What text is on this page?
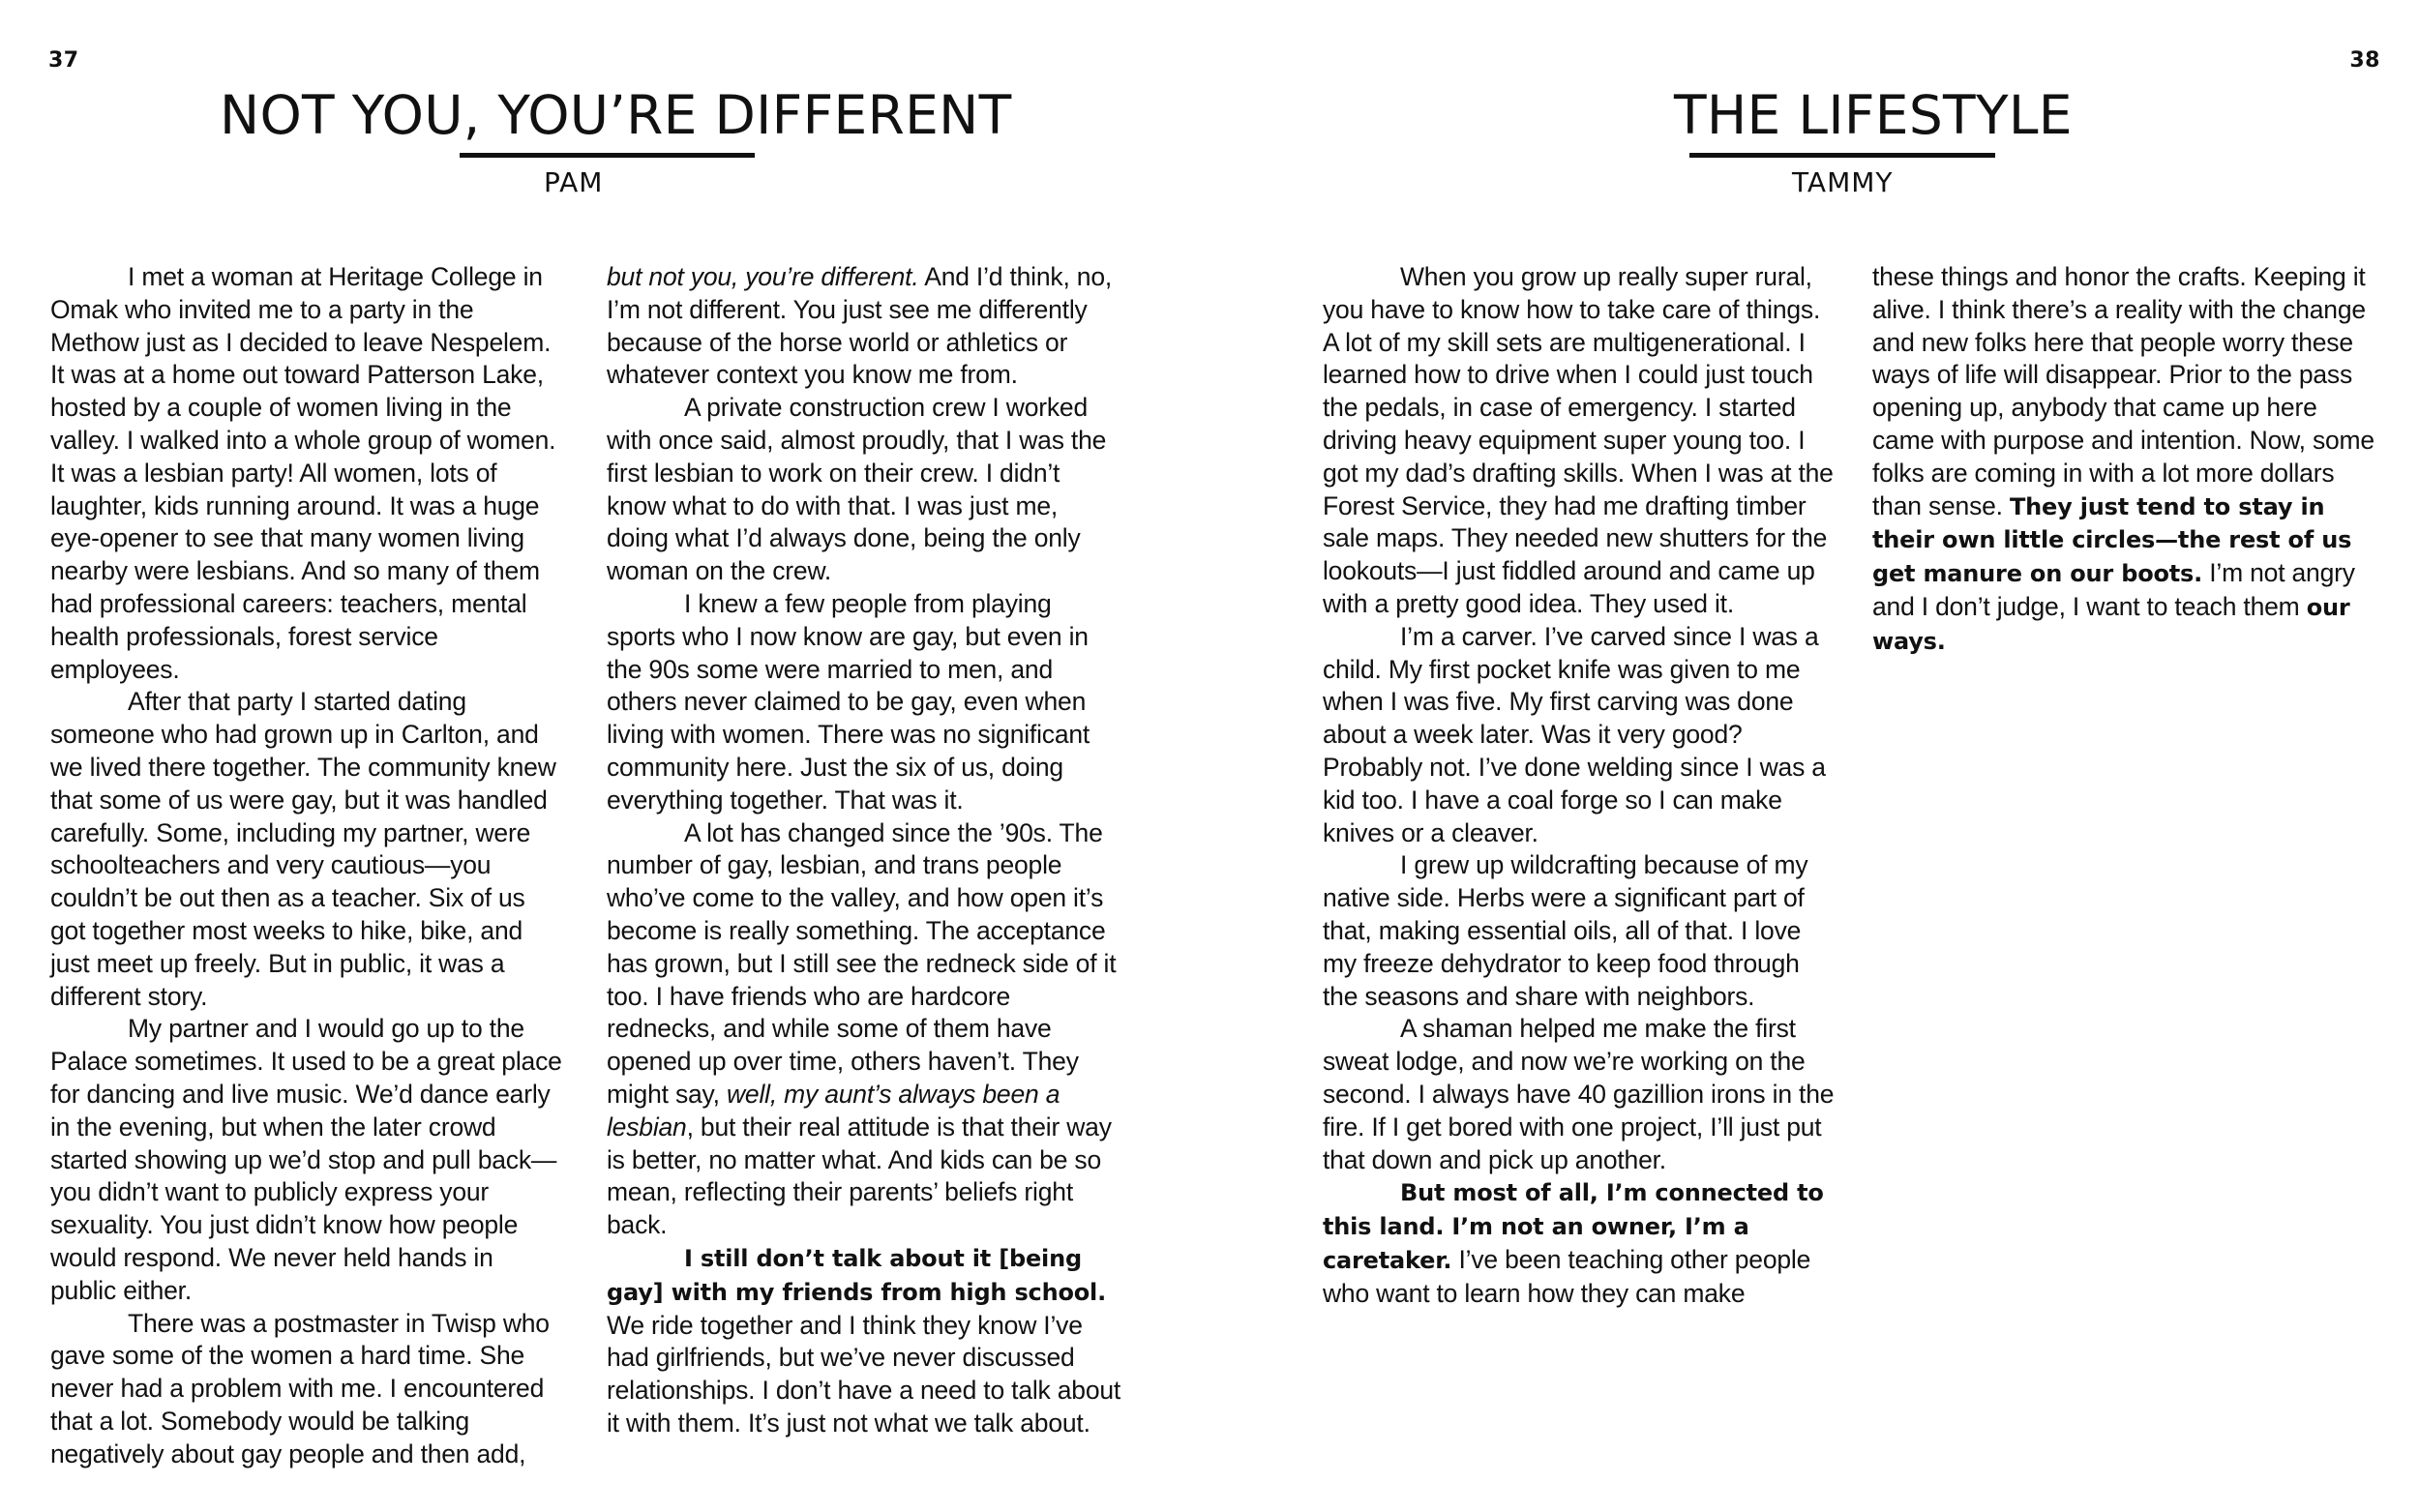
37
NOT YOU, YOU’RE DIFFERENT
PAM

I met a woman at Heritage College in Omak who invited me to a party in the Methow just as I decided to leave Nespelem. It was at a home out toward Patterson Lake, hosted by a couple of women living in the valley. I walked into a whole group of women. It was a lesbian party! All women, lots of laughter, kids running around. It was a huge eye-opener to see that many women living nearby were lesbians. And so many of them had professional careers: teachers, mental health professionals, forest service employees.

After that party I started dating someone who had grown up in Carlton, and we lived there together. The community knew that some of us were gay, but it was handled carefully. Some, including my partner, were schoolteachers and very cautious—you couldn’t be out then as a teacher. Six of us got together most weeks to hike, bike, and just meet up freely. But in public, it was a different story.

My partner and I would go up to the Palace sometimes. It used to be a great place for dancing and live music. We’d dance early in the evening, but when the later crowd started showing up we’d stop and pull back—you didn’t want to publicly express your sexuality. You just didn’t know how people would respond. We never held hands in public either.

There was a postmaster in Twisp who gave some of the women a hard time. She never had a problem with me. I encountered that a lot. Somebody would be talking negatively about gay people and then add,

but not you, you’re different. And I’d think, no, I’m not different. You just see me differently because of the horse world or athletics or whatever context you know me from.

A private construction crew I worked with once said, almost proudly, that I was the first lesbian to work on their crew. I didn’t know what to do with that. I was just me, doing what I’d always done, being the only woman on the crew.

I knew a few people from playing sports who I now know are gay, but even in the 90s some were married to men, and others never claimed to be gay, even when living with women. There was no significant community here. Just the six of us, doing everything together. That was it.

A lot has changed since the ’90s. The number of gay, lesbian, and trans people who’ve come to the valley, and how open it’s become is really something. The acceptance has grown, but I still see the redneck side of it too. I have friends who are hardcore rednecks, and while some of them have opened up over time, others haven’t. They might say, well, my aunt’s always been a lesbian, but their real attitude is that their way is better, no matter what. And kids can be so mean, reflecting their parents’ beliefs right back.

I still don’t talk about it [being gay] with my friends from high school. We ride together and I think they know I’ve had girlfriends, but we’ve never discussed relationships. I don’t have a need to talk about it with them. It’s just not what we talk about.

38
THE LIFESTYLE
TAMMY

When you grow up really super rural, you have to know how to take care of things. A lot of my skill sets are multigenerational. I learned how to drive when I could just touch the pedals, in case of emergency. I started driving heavy equipment super young too. I got my dad’s drafting skills. When I was at the Forest Service, they had me drafting timber sale maps. They needed new shutters for the lookouts—I just fiddled around and came up with a pretty good idea. They used it.

I’m a carver. I’ve carved since I was a child. My first pocket knife was given to me when I was five. My first carving was done about a week later. Was it very good? Probably not. I’ve done welding since I was a kid too. I have a coal forge so I can make knives or a cleaver.

I grew up wildcrafting because of my native side. Herbs were a significant part of that, making essential oils, all of that. I love my freeze dehydrator to keep food through the seasons and share with neighbors.

A shaman helped me make the first sweat lodge, and now we’re working on the second. I always have 40 gazillion irons in the fire. If I get bored with one project, I’ll just put that down and pick up another.

But most of all, I’m connected to this land. I’m not an owner, I’m a caretaker. I’ve been teaching other people who want to learn how they can make

these things and honor the crafts. Keeping it alive. I think there’s a reality with the change and new folks here that people worry these ways of life will disappear. Prior to the pass opening up, anybody that came up here came with purpose and intention. Now, some folks are coming in with a lot more dollars than sense. They just tend to stay in their own little circles—the rest of us get manure on our boots. I’m not angry and I don’t judge, I want to teach them our ways.
